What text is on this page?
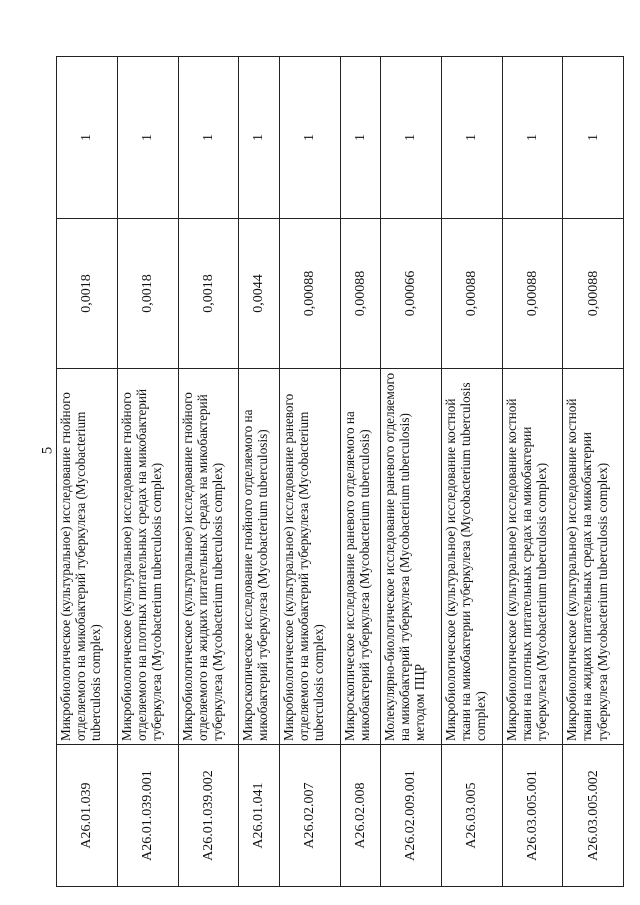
5
A26.01.039	Микробиологическое (культуральное) исследование гнойного отделяемого на микобактерий туберкулеза (Mycobacterium tuberculosis complex)	0,0018	1
A26.01.039.001	Микробиологическое (культуральное) исследование гнойного отделяемого на плотных питательных средах на микобактерий туберкулеза (Mycobacterium tuberculosis complex)	0,0018	1
A26.01.039.002	Микробиологическое (культуральное) исследование гнойного отделяемого на жидких питательных средах на микобактерий туберкулеза (Mycobacterium tuberculosis complex)	0,0018	1
A26.01.041	Микроскопическое исследование гнойного отделяемого на микобактерий туберкулеза (Mycobacterium tuberculosis)	0,0044	1
A26.02.007	Микробиологическое (культуральное) исследование раневого отделяемого на микобактерий туберкулеза (Mycobacterium tuberculosis complex)	0,00088	1
A26.02.008	Микроскопическое исследование раневого отделяемого на микобактерий туберкулеза (Mycobacterium tuberculosis)	0,00088	1
A26.02.009.001	Молекулярно-биологическое исследование раневого отделяемого на микобактерий туберкулеза (Mycobacterium tuberculosis) методом ПЦР	0,00066	1
A26.03.005	Микробиологическое (культуральное) исследование костной ткани на микобактерии туберкулеза (Mycobacterium tuberculosis complex)	0,00088	1
A26.03.005.001	Микробиологическое (культуральное) исследование костной ткани на плотных питательных средах на микобактерии туберкулеза (Mycobacterium tuberculosis complex)	0,00088	1
A26.03.005.002	Микробиологическое (культуральное) исследование костной ткани на жидких питательных средах на микобактерии туберкулеза (Mycobacterium tuberculosis complex)	0,00088	1
